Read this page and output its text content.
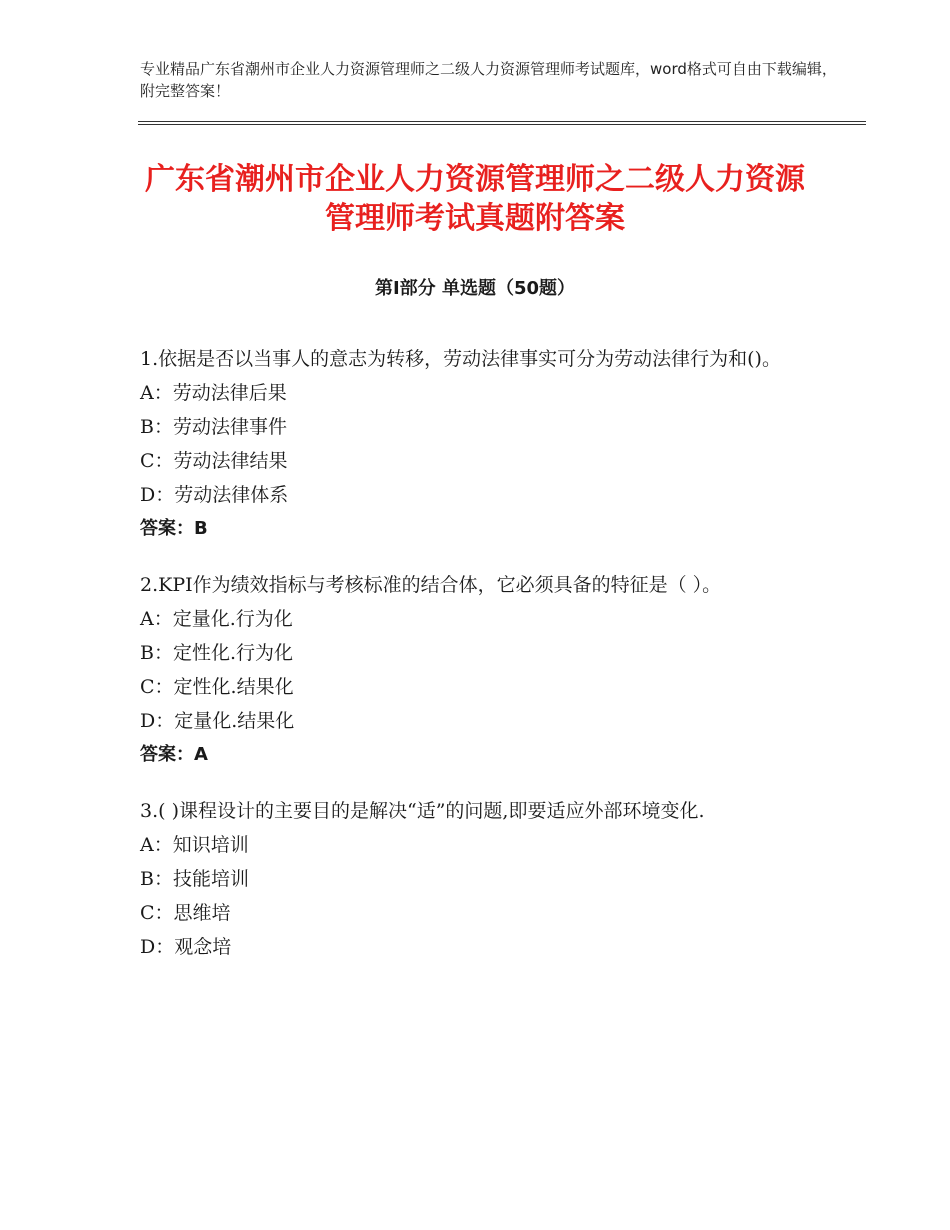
专业精品广东省潮州市企业人力资源管理师之二级人力资源管理师考试题库，word格式可自由下载编辑，附完整答案！
广东省潮州市企业人力资源管理师之二级人力资源管理师考试真题附答案
第Ⅰ部分 单选题（50题）

1.依据是否以当事人的意志为转移，劳动法律事实可分为劳动法律行为和()。

A：劳动法律后果

B：劳动法律事件

C：劳动法律结果

D：劳动法律体系

答案：B

2.KPI作为绩效指标与考核标准的结合体，它必须具备的特征是（ ）。

A：定量化.行为化

B：定性化.行为化

C：定性化.结果化

D：定量化.结果化

答案：A

3.( )课程设计的主要目的是解决“适”的问题,即要适应外部环境变化.

A：知识培训

B：技能培训

C：思维培

D：观念培
